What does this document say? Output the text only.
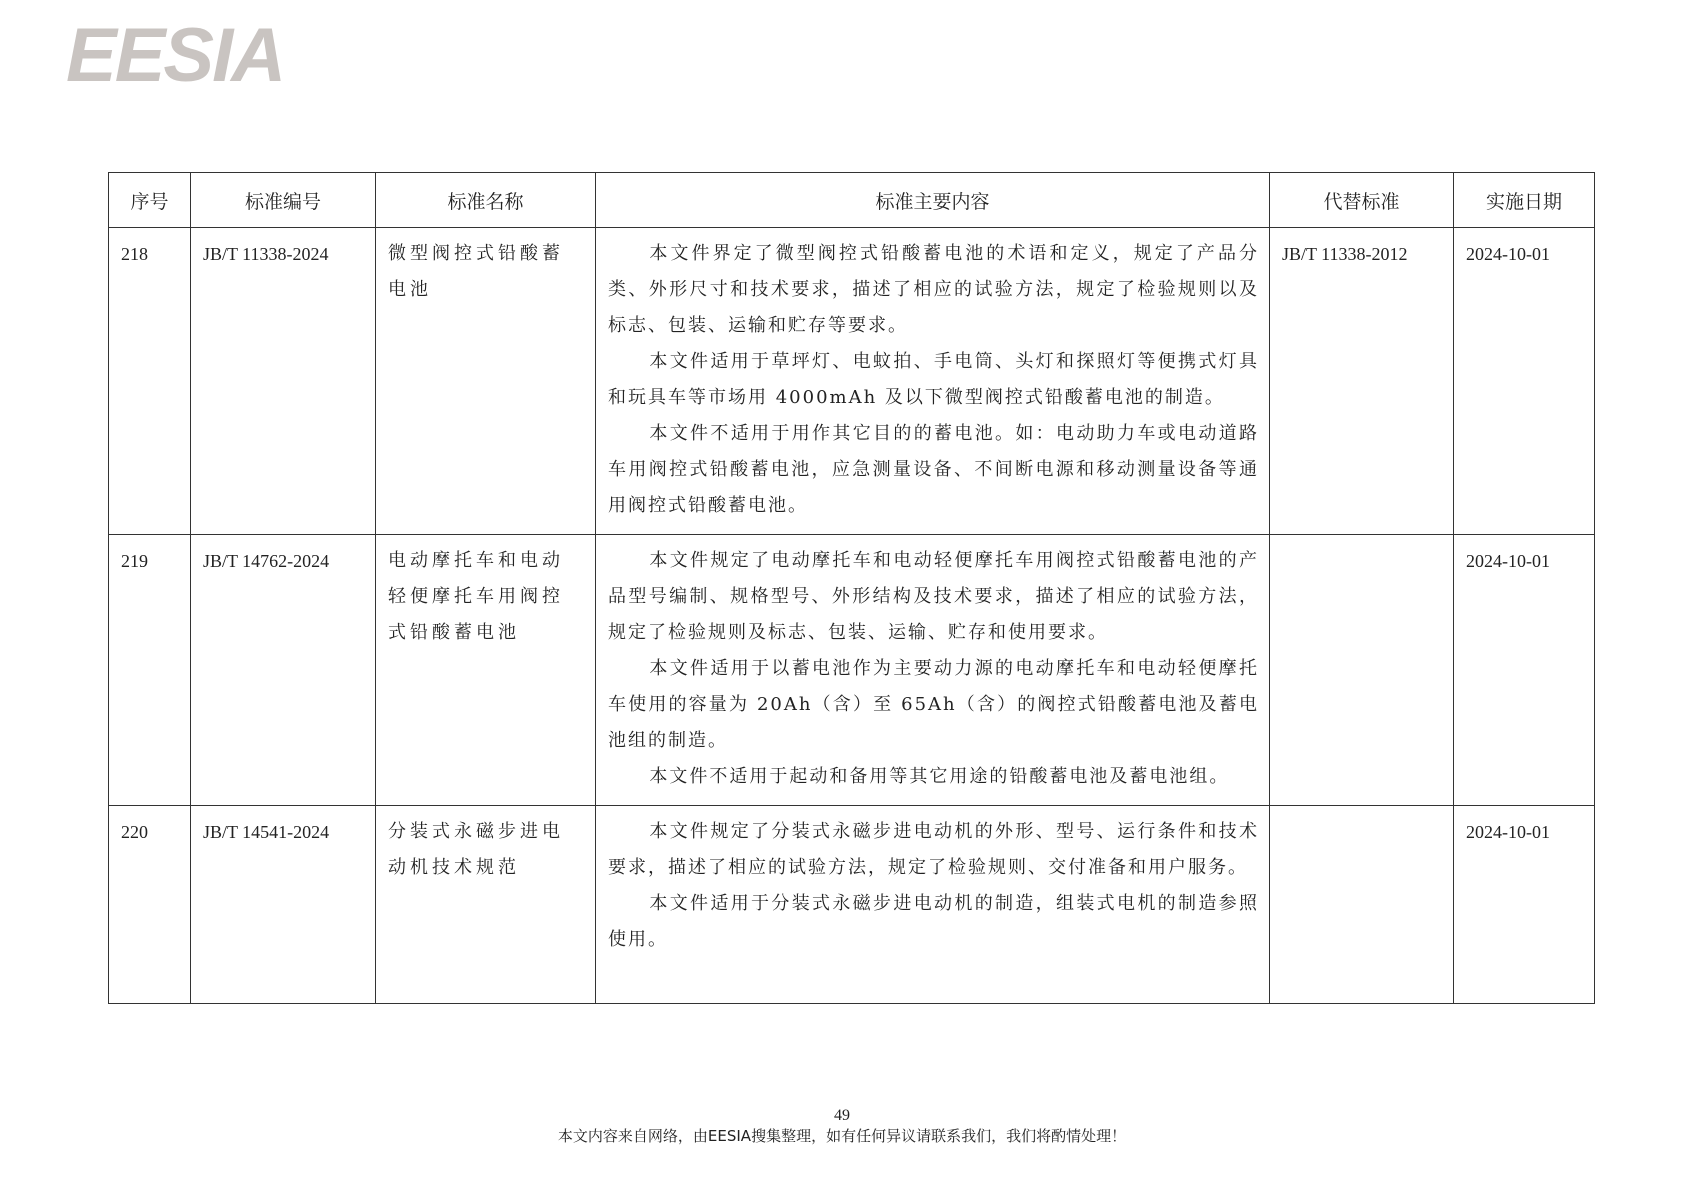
EESIA
序号	标准编号	标准名称	标准主要内容	代替标准	实施日期
218	JB/T 11338-2024	微型阀控式铅酸蓄电池	本文件界定了微型阀控式铅酸蓄电池的术语和定义，规定了产品分类、外形尺寸和技术要求，描述了相应的试验方法，规定了检验规则以及标志、包装、运输和贮存等要求。

本文件适用于草坪灯、电蚊拍、手电筒、头灯和探照灯等便携式灯具和玩具车等市场用 4000mAh 及以下微型阀控式铅酸蓄电池的制造。

本文件不适用于用作其它目的的蓄电池。如：电动助力车或电动道路车用阀控式铅酸蓄电池，应急测量设备、不间断电源和移动测量设备等通用阀控式铅酸蓄电池。	JB/T 11338-2012	2024-10-01
219	JB/T 14762-2024	电动摩托车和电动轻便摩托车用阀控式铅酸蓄电池	本文件规定了电动摩托车和电动轻便摩托车用阀控式铅酸蓄电池的产品型号编制、规格型号、外形结构及技术要求，描述了相应的试验方法，规定了检验规则及标志、包装、运输、贮存和使用要求。

本文件适用于以蓄电池作为主要动力源的电动摩托车和电动轻便摩托车使用的容量为 20Ah（含）至 65Ah（含）的阀控式铅酸蓄电池及蓄电池组的制造。

本文件不适用于起动和备用等其它用途的铅酸蓄电池及蓄电池组。		2024-10-01
220	JB/T 14541-2024	分装式永磁步进电动机技术规范	本文件规定了分装式永磁步进电动机的外形、型号、运行条件和技术要求，描述了相应的试验方法，规定了检验规则、交付准备和用户服务。

本文件适用于分装式永磁步进电动机的制造，组装式电机的制造参照使用。		2024-10-01
49
本文内容来自网络，由EESIA搜集整理，如有任何异议请联系我们，我们将酌情处理！
